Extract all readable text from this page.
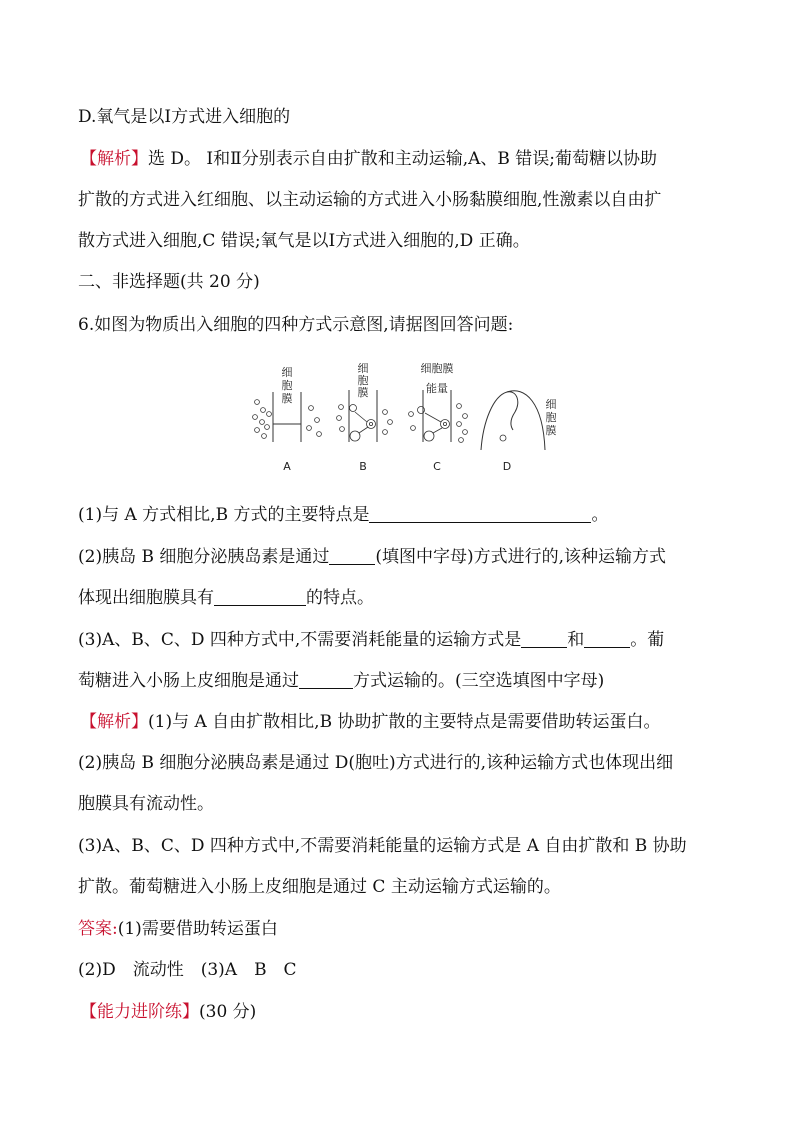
D.氧气是以Ⅰ方式进入细胞的
【解析】选 D。 Ⅰ和Ⅱ分别表示自由扩散和主动运输,A、B 错误;葡萄糖以协助
扩散的方式进入红细胞、以主动运输的方式进入小肠黏膜细胞,性激素以自由扩
散方式进入细胞,C 错误;氧气是以Ⅰ方式进入细胞的,D 正确。
二、非选择题(共 20 分)
6.如图为物质出入细胞的四种方式示意图,请据图回答问题:
细
胞
膜
A
细
胞
膜
B
细胞膜
能量
C
细
胞
膜
D
(1)与 A 方式相比,B 方式的主要特点是	。
(2)胰岛 B 细胞分泌胰岛素是通过	(填图中字母)方式进行的,该种运输方式
体现出细胞膜具有	的特点。
(3)A、B、C、D 四种方式中,不需要消耗能量的运输方式是	和	。葡
萄糖进入小肠上皮细胞是通过	方式运输的。(三空选填图中字母)
【解析】(1)与 A 自由扩散相比,B 协助扩散的主要特点是需要借助转运蛋白。
(2)胰岛 B 细胞分泌胰岛素是通过 D(胞吐)方式进行的,该种运输方式也体现出细
胞膜具有流动性。
(3)A、B、C、D 四种方式中,不需要消耗能量的运输方式是 A 自由扩散和 B 协助
扩散。葡萄糖进入小肠上皮细胞是通过 C 主动运输方式运输的。
答案:(1)需要借助转运蛋白
(2)D　流动性　(3)A　B　C
【能力进阶练】(30 分)
